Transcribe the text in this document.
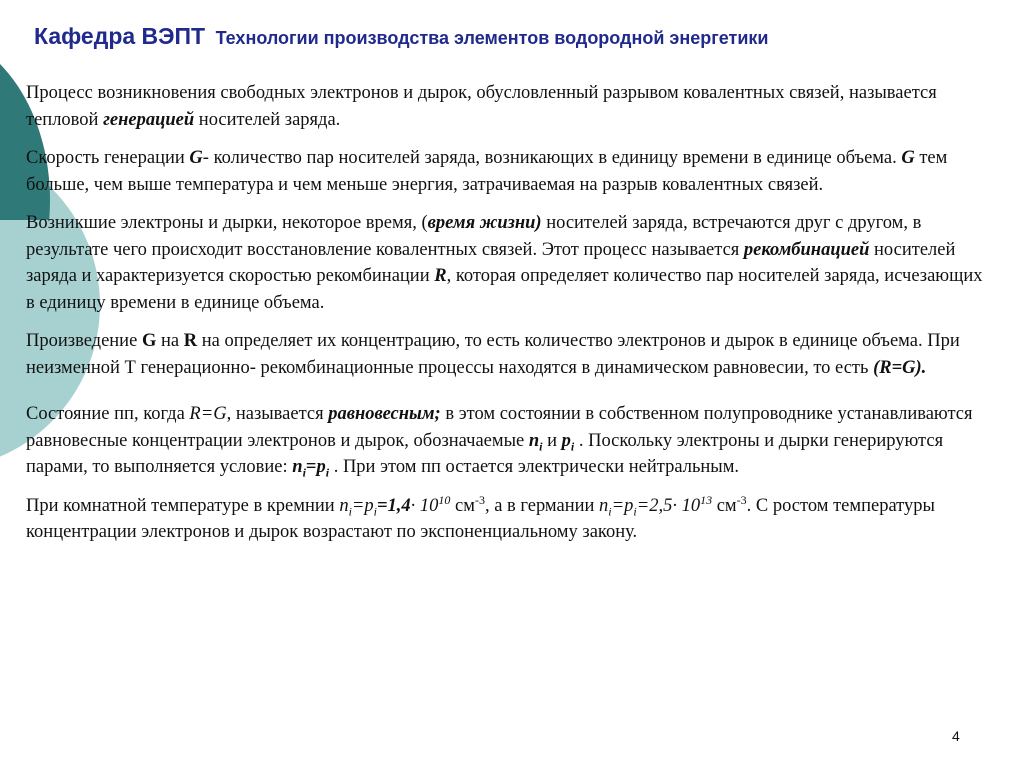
Кафедра ВЭПТ Технологии производства элементов водородной энергетики

Процесс возникновения свободных электронов и дырок, обусловленный разрывом ковалентных связей, называется тепловой генерацией носителей заряда.

Скорость генерации G- количество пар носителей заряда, возникающих в единицу времени в единице объема. G тем больше, чем выше температура и чем меньше энергия, затрачиваемая на разрыв ковалентных связей.

Возникшие электроны и дырки, некоторое время, (время жизни) носителей заряда, встречаются друг с другом, в результате чего происходит восстановление ковалентных связей. Этот процесс называется рекомбинацией носителей заряда и характеризуется скоростью рекомбинации R, которая определяет количество пар носителей заряда, исчезающих в единицу времени в единице объема.

Произведение G на R на определяет их концентрацию, то есть количество электронов и дырок в единице объема. При неизменной Т генерационно- рекомбинационные процессы находятся в динамическом равновесии, то есть (R=G).

Состояние пп, когда R=G, называется равновесным; в этом состоянии в собственном полупроводнике устанавливаются равновесные концентрации электронов и дырок, обозначаемые $n_i$ и $p_i$ . Поскольку электроны и дырки генерируются парами, то выполняется условие: $n_i=p_i$ . При этом пп остается электрически нейтральным.

При комнатной температуре в кремнии $n_i=p_i=1,4\cdot 10^{10}$ $см^{-3}$, а в германии $n_i=p_i=2,5\cdot 10^{13}$ $см^{-3}$. С ростом температуры концентрации электронов и дырок возрастают по экспоненциальному закону.

4
